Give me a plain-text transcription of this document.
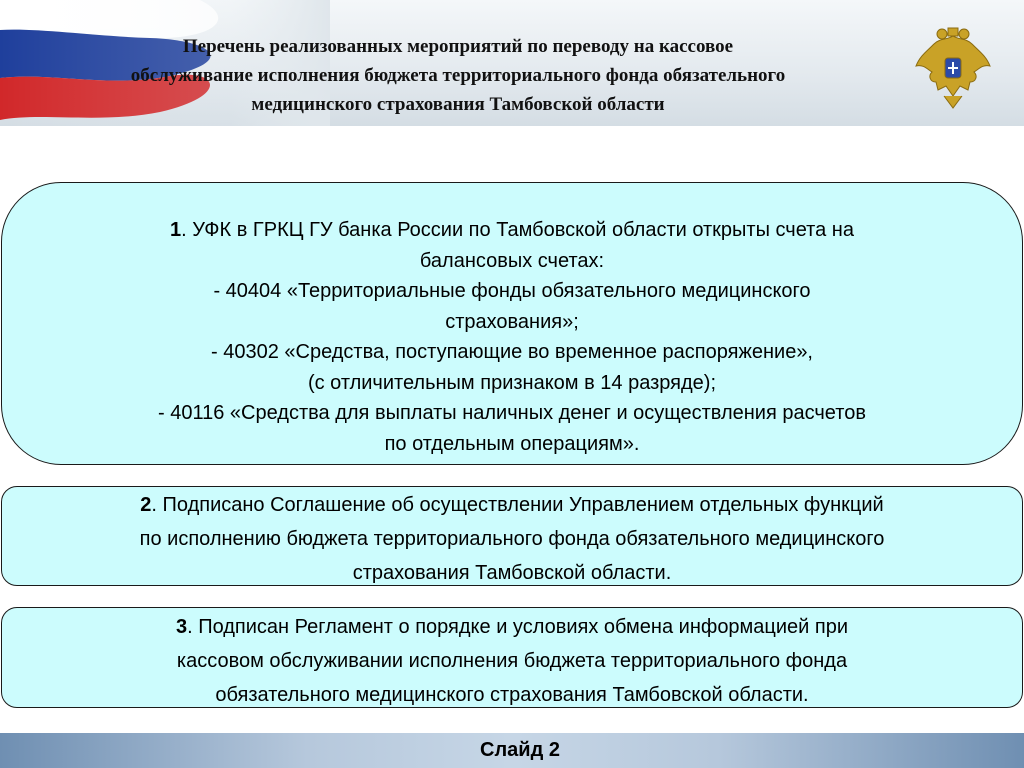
Перечень реализованных мероприятий по переводу на кассовое
обслуживание исполнения бюджета территориального фонда обязательного
медицинского страхования Тамбовской области
1. УФК в ГРКЦ ГУ банка России по Тамбовской области открыты счета на
балансовых счетах:
- 40404 «Территориальные фонды обязательного медицинского
страхования»;
- 40302 «Средства, поступающие во временное распоряжение»,
(с отличительным признаком в 14 разряде);
- 40116 «Средства для выплаты наличных денег и осуществления расчетов
по отдельным операциям».
2. Подписано Соглашение об осуществлении Управлением отдельных функций
по исполнению бюджета территориального фонда обязательного медицинского
страхования Тамбовской области.
3. Подписан Регламент о порядке и условиях обмена информацией при
кассовом обслуживании исполнения бюджета территориального фонда
обязательного медицинского страхования Тамбовской области.
Слайд 2
